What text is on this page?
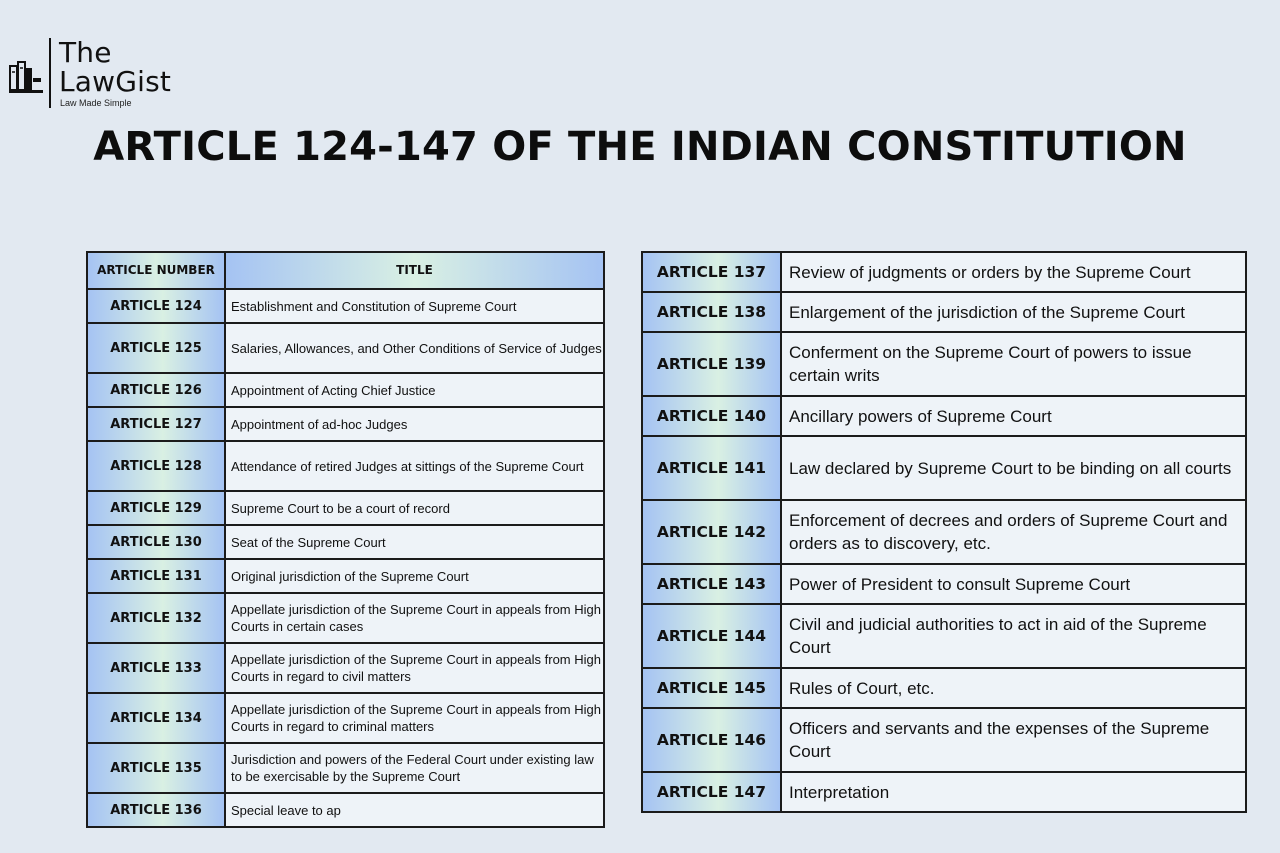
The
LawGist
Law Made Simple
ARTICLE 124-147 OF THE INDIAN CONSTITUTION
ARTICLE NUMBER	TITLE
ARTICLE 124	Establishment and Constitution of Supreme Court
ARTICLE 125	Salaries, Allowances, and Other Conditions of Service of Judges
ARTICLE 126	Appointment of Acting Chief Justice
ARTICLE 127	Appointment of ad-hoc Judges
ARTICLE 128	Attendance of retired Judges at sittings of the Supreme Court
ARTICLE 129	Supreme Court to be a court of record
ARTICLE 130	Seat of the Supreme Court
ARTICLE 131	Original jurisdiction of the Supreme Court
ARTICLE 132	Appellate jurisdiction of the Supreme Court in appeals from High Courts in certain cases
ARTICLE 133	Appellate jurisdiction of the Supreme Court in appeals from High Courts in regard to civil matters
ARTICLE 134	Appellate jurisdiction of the Supreme Court in appeals from High Courts in regard to criminal matters
ARTICLE 135	Jurisdiction and powers of the Federal Court under existing law to be exercisable by the Supreme Court
ARTICLE 136	Special leave to ap
ARTICLE 137	Review of judgments or orders by the Supreme Court
ARTICLE 138	Enlargement of the jurisdiction of the Supreme Court
ARTICLE 139	Conferment on the Supreme Court of powers to issue certain writs
ARTICLE 140	Ancillary powers of Supreme Court
ARTICLE 141	Law declared by Supreme Court to be binding on all courts
ARTICLE 142	Enforcement of decrees and orders of Supreme Court and orders as to discovery, etc.
ARTICLE 143	Power of President to consult Supreme Court
ARTICLE 144	Civil and judicial authorities to act in aid of the Supreme Court
ARTICLE 145	Rules of Court, etc.
ARTICLE 146	Officers and servants and the expenses of the Supreme Court
ARTICLE 147	Interpretation
